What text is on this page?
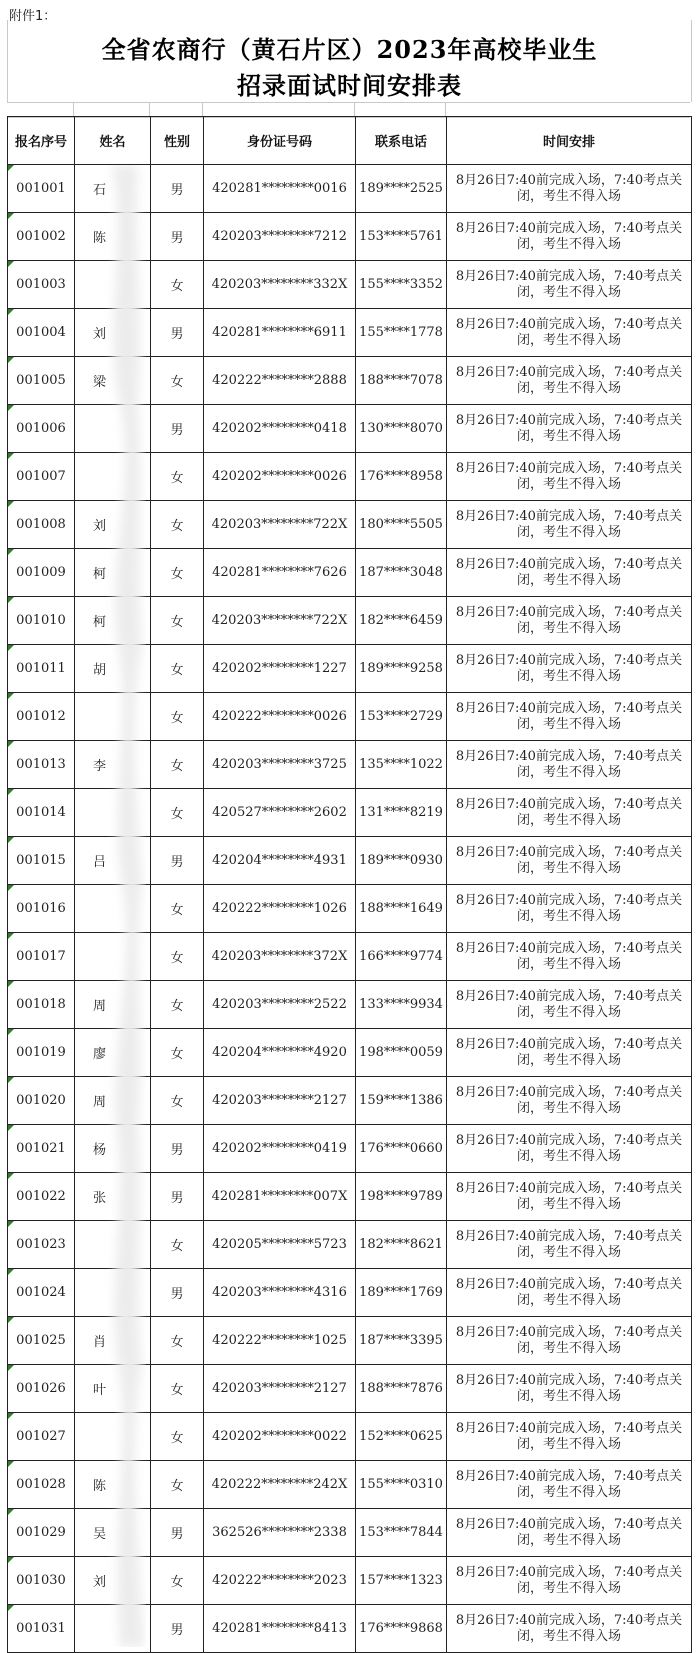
附件1：
全省农商行（黄石片区）2023年高校毕业生
招录面试时间安排表
报名序号	姓名	性别	身份证号码	联系电话	时间安排
001001	石	男	420281********0016	189****2525	8月26日7:40前完成入场，7:40考点关闭，考生不得入场
001002	陈	男	420203********7212	153****5761	8月26日7:40前完成入场，7:40考点关闭，考生不得入场
001003		女	420203********332X	155****3352	8月26日7:40前完成入场，7:40考点关闭，考生不得入场
001004	刘	男	420281********6911	155****1778	8月26日7:40前完成入场，7:40考点关闭，考生不得入场
001005	梁	女	420222********2888	188****7078	8月26日7:40前完成入场，7:40考点关闭，考生不得入场
001006		男	420202********0418	130****8070	8月26日7:40前完成入场，7:40考点关闭，考生不得入场
001007		女	420202********0026	176****8958	8月26日7:40前完成入场，7:40考点关闭，考生不得入场
001008	刘	女	420203********722X	180****5505	8月26日7:40前完成入场，7:40考点关闭，考生不得入场
001009	柯	女	420281********7626	187****3048	8月26日7:40前完成入场，7:40考点关闭，考生不得入场
001010	柯	女	420203********722X	182****6459	8月26日7:40前完成入场，7:40考点关闭，考生不得入场
001011	胡	女	420202********1227	189****9258	8月26日7:40前完成入场，7:40考点关闭，考生不得入场
001012		女	420222********0026	153****2729	8月26日7:40前完成入场，7:40考点关闭，考生不得入场
001013	李	女	420203********3725	135****1022	8月26日7:40前完成入场，7:40考点关闭，考生不得入场
001014		女	420527********2602	131****8219	8月26日7:40前完成入场，7:40考点关闭，考生不得入场
001015	吕	男	420204********4931	189****0930	8月26日7:40前完成入场，7:40考点关闭，考生不得入场
001016		女	420222********1026	188****1649	8月26日7:40前完成入场，7:40考点关闭，考生不得入场
001017		女	420203********372X	166****9774	8月26日7:40前完成入场，7:40考点关闭，考生不得入场
001018	周	女	420203********2522	133****9934	8月26日7:40前完成入场，7:40考点关闭，考生不得入场
001019	廖	女	420204********4920	198****0059	8月26日7:40前完成入场，7:40考点关闭，考生不得入场
001020	周	女	420203********2127	159****1386	8月26日7:40前完成入场，7:40考点关闭，考生不得入场
001021	杨	男	420202********0419	176****0660	8月26日7:40前完成入场，7:40考点关闭，考生不得入场
001022	张	男	420281********007X	198****9789	8月26日7:40前完成入场，7:40考点关闭，考生不得入场
001023		女	420205********5723	182****8621	8月26日7:40前完成入场，7:40考点关闭，考生不得入场
001024		男	420203********4316	189****1769	8月26日7:40前完成入场，7:40考点关闭，考生不得入场
001025	肖	女	420222********1025	187****3395	8月26日7:40前完成入场，7:40考点关闭，考生不得入场
001026	叶	女	420203********2127	188****7876	8月26日7:40前完成入场，7:40考点关闭，考生不得入场
001027		女	420202********0022	152****0625	8月26日7:40前完成入场，7:40考点关闭，考生不得入场
001028	陈	女	420222********242X	155****0310	8月26日7:40前完成入场，7:40考点关闭，考生不得入场
001029	吴	男	362526********2338	153****7844	8月26日7:40前完成入场，7:40考点关闭，考生不得入场
001030	刘	女	420222********2023	157****1323	8月26日7:40前完成入场，7:40考点关闭，考生不得入场
001031		男	420281********8413	176****9868	8月26日7:40前完成入场，7:40考点关闭，考生不得入场
